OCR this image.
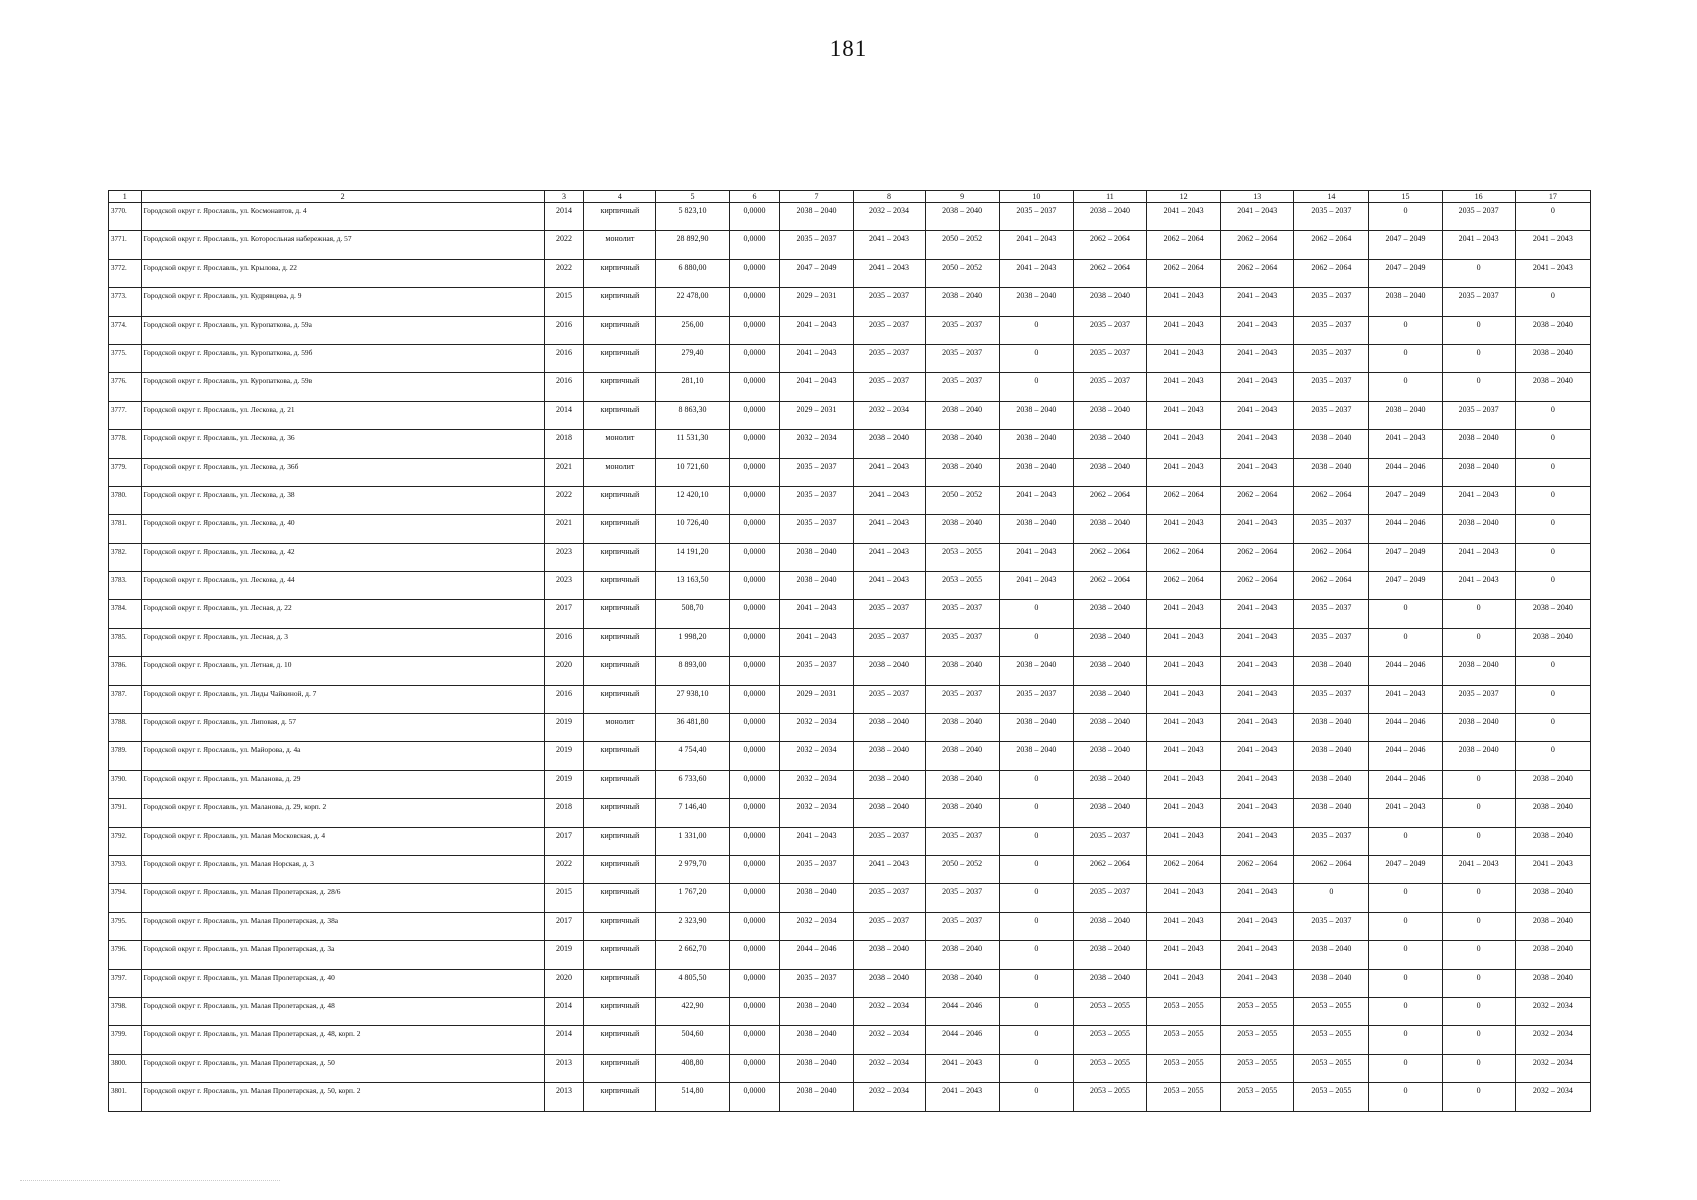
181
1	2	3	4	5	6	7	8	9	10	11	12	13	14	15	16	17
3770.	Городской округ г. Ярославль, ул. Космонавтов, д. 4	2014	кирпичный	5 823,10	0,0000	2038 – 2040	2032 – 2034	2038 – 2040	2035 – 2037	2038 – 2040	2041 – 2043	2041 – 2043	2035 – 2037	0	2035 – 2037	0
3771.	Городской округ г. Ярославль, ул. Которосльная набережная, д. 57	2022	монолит	28 892,90	0,0000	2035 – 2037	2041 – 2043	2050 – 2052	2041 – 2043	2062 – 2064	2062 – 2064	2062 – 2064	2062 – 2064	2047 – 2049	2041 – 2043	2041 – 2043
3772.	Городской округ г. Ярославль, ул. Крылова, д. 22	2022	кирпичный	6 880,00	0,0000	2047 – 2049	2041 – 2043	2050 – 2052	2041 – 2043	2062 – 2064	2062 – 2064	2062 – 2064	2062 – 2064	2047 – 2049	0	2041 – 2043
3773.	Городской округ г. Ярославль, ул. Кудрявцева, д. 9	2015	кирпичный	22 478,00	0,0000	2029 – 2031	2035 – 2037	2038 – 2040	2038 – 2040	2038 – 2040	2041 – 2043	2041 – 2043	2035 – 2037	2038 – 2040	2035 – 2037	0
3774.	Городской округ г. Ярославль, ул. Куропаткова, д. 59а	2016	кирпичный	256,00	0,0000	2041 – 2043	2035 – 2037	2035 – 2037	0	2035 – 2037	2041 – 2043	2041 – 2043	2035 – 2037	0	0	2038 – 2040
3775.	Городской округ г. Ярославль, ул. Куропаткова, д. 59б	2016	кирпичный	279,40	0,0000	2041 – 2043	2035 – 2037	2035 – 2037	0	2035 – 2037	2041 – 2043	2041 – 2043	2035 – 2037	0	0	2038 – 2040
3776.	Городской округ г. Ярославль, ул. Куропаткова, д. 59в	2016	кирпичный	281,10	0,0000	2041 – 2043	2035 – 2037	2035 – 2037	0	2035 – 2037	2041 – 2043	2041 – 2043	2035 – 2037	0	0	2038 – 2040
3777.	Городской округ г. Ярославль, ул. Лескова, д. 21	2014	кирпичный	8 863,30	0,0000	2029 – 2031	2032 – 2034	2038 – 2040	2038 – 2040	2038 – 2040	2041 – 2043	2041 – 2043	2035 – 2037	2038 – 2040	2035 – 2037	0
3778.	Городской округ г. Ярославль, ул. Лескова, д. 36	2018	монолит	11 531,30	0,0000	2032 – 2034	2038 – 2040	2038 – 2040	2038 – 2040	2038 – 2040	2041 – 2043	2041 – 2043	2038 – 2040	2041 – 2043	2038 – 2040	0
3779.	Городской округ г. Ярославль, ул. Лескова, д. 36б	2021	монолит	10 721,60	0,0000	2035 – 2037	2041 – 2043	2038 – 2040	2038 – 2040	2038 – 2040	2041 – 2043	2041 – 2043	2038 – 2040	2044 – 2046	2038 – 2040	0
3780.	Городской округ г. Ярославль, ул. Лескова, д. 38	2022	кирпичный	12 420,10	0,0000	2035 – 2037	2041 – 2043	2050 – 2052	2041 – 2043	2062 – 2064	2062 – 2064	2062 – 2064	2062 – 2064	2047 – 2049	2041 – 2043	0
3781.	Городской округ г. Ярославль, ул. Лескова, д. 40	2021	кирпичный	10 726,40	0,0000	2035 – 2037	2041 – 2043	2038 – 2040	2038 – 2040	2038 – 2040	2041 – 2043	2041 – 2043	2035 – 2037	2044 – 2046	2038 – 2040	0
3782.	Городской округ г. Ярославль, ул. Лескова, д. 42	2023	кирпичный	14 191,20	0,0000	2038 – 2040	2041 – 2043	2053 – 2055	2041 – 2043	2062 – 2064	2062 – 2064	2062 – 2064	2062 – 2064	2047 – 2049	2041 – 2043	0
3783.	Городской округ г. Ярославль, ул. Лескова, д. 44	2023	кирпичный	13 163,50	0,0000	2038 – 2040	2041 – 2043	2053 – 2055	2041 – 2043	2062 – 2064	2062 – 2064	2062 – 2064	2062 – 2064	2047 – 2049	2041 – 2043	0
3784.	Городской округ г. Ярославль, ул. Лесная, д. 22	2017	кирпичный	508,70	0,0000	2041 – 2043	2035 – 2037	2035 – 2037	0	2038 – 2040	2041 – 2043	2041 – 2043	2035 – 2037	0	0	2038 – 2040
3785.	Городской округ г. Ярославль, ул. Лесная, д. 3	2016	кирпичный	1 998,20	0,0000	2041 – 2043	2035 – 2037	2035 – 2037	0	2038 – 2040	2041 – 2043	2041 – 2043	2035 – 2037	0	0	2038 – 2040
3786.	Городской округ г. Ярославль, ул. Летная, д. 10	2020	кирпичный	8 893,00	0,0000	2035 – 2037	2038 – 2040	2038 – 2040	2038 – 2040	2038 – 2040	2041 – 2043	2041 – 2043	2038 – 2040	2044 – 2046	2038 – 2040	0
3787.	Городской округ г. Ярославль, ул. Лиды Чайкиной, д. 7	2016	кирпичный	27 938,10	0,0000	2029 – 2031	2035 – 2037	2035 – 2037	2035 – 2037	2038 – 2040	2041 – 2043	2041 – 2043	2035 – 2037	2041 – 2043	2035 – 2037	0
3788.	Городской округ г. Ярославль, ул. Липовая, д. 57	2019	монолит	36 481,80	0,0000	2032 – 2034	2038 – 2040	2038 – 2040	2038 – 2040	2038 – 2040	2041 – 2043	2041 – 2043	2038 – 2040	2044 – 2046	2038 – 2040	0
3789.	Городской округ г. Ярославль, ул. Майорова, д. 4а	2019	кирпичный	4 754,40	0,0000	2032 – 2034	2038 – 2040	2038 – 2040	2038 – 2040	2038 – 2040	2041 – 2043	2041 – 2043	2038 – 2040	2044 – 2046	2038 – 2040	0
3790.	Городской округ г. Ярославль, ул. Маланова, д. 29	2019	кирпичный	6 733,60	0,0000	2032 – 2034	2038 – 2040	2038 – 2040	0	2038 – 2040	2041 – 2043	2041 – 2043	2038 – 2040	2044 – 2046	0	2038 – 2040
3791.	Городской округ г. Ярославль, ул. Маланова, д. 29, корп. 2	2018	кирпичный	7 146,40	0,0000	2032 – 2034	2038 – 2040	2038 – 2040	0	2038 – 2040	2041 – 2043	2041 – 2043	2038 – 2040	2041 – 2043	0	2038 – 2040
3792.	Городской округ г. Ярославль, ул. Малая Московская, д. 4	2017	кирпичный	1 331,00	0,0000	2041 – 2043	2035 – 2037	2035 – 2037	0	2035 – 2037	2041 – 2043	2041 – 2043	2035 – 2037	0	0	2038 – 2040
3793.	Городской округ г. Ярославль, ул. Малая Норская, д. 3	2022	кирпичный	2 979,70	0,0000	2035 – 2037	2041 – 2043	2050 – 2052	0	2062 – 2064	2062 – 2064	2062 – 2064	2062 – 2064	2047 – 2049	2041 – 2043	2041 – 2043
3794.	Городской округ г. Ярославль, ул. Малая Пролетарская, д. 28/6	2015	кирпичный	1 767,20	0,0000	2038 – 2040	2035 – 2037	2035 – 2037	0	2035 – 2037	2041 – 2043	2041 – 2043	0	0	0	2038 – 2040
3795.	Городской округ г. Ярославль, ул. Малая Пролетарская, д. 38а	2017	кирпичный	2 323,90	0,0000	2032 – 2034	2035 – 2037	2035 – 2037	0	2038 – 2040	2041 – 2043	2041 – 2043	2035 – 2037	0	0	2038 – 2040
3796.	Городской округ г. Ярославль, ул. Малая Пролетарская, д. 3а	2019	кирпичный	2 662,70	0,0000	2044 – 2046	2038 – 2040	2038 – 2040	0	2038 – 2040	2041 – 2043	2041 – 2043	2038 – 2040	0	0	2038 – 2040
3797.	Городской округ г. Ярославль, ул. Малая Пролетарская, д. 40	2020	кирпичный	4 805,50	0,0000	2035 – 2037	2038 – 2040	2038 – 2040	0	2038 – 2040	2041 – 2043	2041 – 2043	2038 – 2040	0	0	2038 – 2040
3798.	Городской округ г. Ярославль, ул. Малая Пролетарская, д. 48	2014	кирпичный	422,90	0,0000	2038 – 2040	2032 – 2034	2044 – 2046	0	2053 – 2055	2053 – 2055	2053 – 2055	2053 – 2055	0	0	2032 – 2034
3799.	Городской округ г. Ярославль, ул. Малая Пролетарская, д. 48, корп. 2	2014	кирпичный	504,60	0,0000	2038 – 2040	2032 – 2034	2044 – 2046	0	2053 – 2055	2053 – 2055	2053 – 2055	2053 – 2055	0	0	2032 – 2034
3800.	Городской округ г. Ярославль, ул. Малая Пролетарская, д. 50	2013	кирпичный	408,80	0,0000	2038 – 2040	2032 – 2034	2041 – 2043	0	2053 – 2055	2053 – 2055	2053 – 2055	2053 – 2055	0	0	2032 – 2034
3801.	Городской округ г. Ярославль, ул. Малая Пролетарская, д. 50, корп. 2	2013	кирпичный	514,80	0,0000	2038 – 2040	2032 – 2034	2041 – 2043	0	2053 – 2055	2053 – 2055	2053 – 2055	2053 – 2055	0	0	2032 – 2034
